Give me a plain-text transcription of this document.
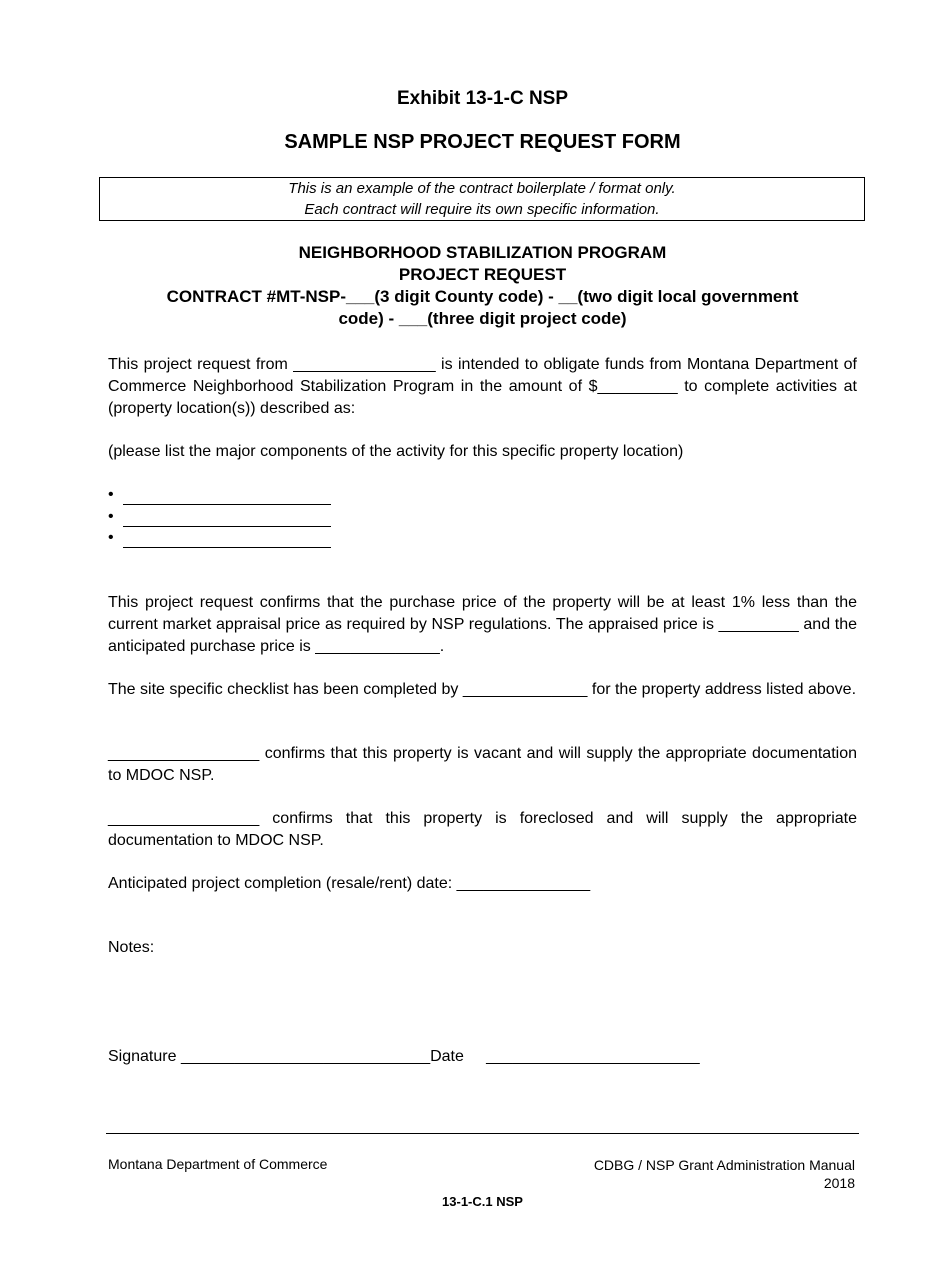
Exhibit 13-1-C NSP
SAMPLE NSP PROJECT REQUEST FORM
This is an example of the contract boilerplate / format only.
Each contract will require its own specific information.
NEIGHBORHOOD STABILIZATION PROGRAM
PROJECT REQUEST
CONTRACT #MT-NSP-___(3 digit County code) - __(two digit local government
code) - ___(three digit project code)
This project request from ________________ is intended to obligate funds from Montana Department of Commerce Neighborhood Stabilization Program in the amount of $_________ to complete activities at (property location(s)) described as:
(please list the major components of the activity for this specific property location)
•
•
•
This project request confirms that the purchase price of the property will be at least 1% less than the current market appraisal price as required by NSP regulations. The appraised price is _________ and the anticipated purchase price is ______________.
The site specific checklist has been completed by ______________ for the property address listed above.
_________________ confirms that this property is vacant and will supply the appropriate documentation to MDOC NSP.
_________________ confirms that this property is foreclosed and will supply the appropriate documentation to MDOC NSP.
Anticipated project completion (resale/rent) date: _______________
Notes:
Signature ____________________________Date     ________________________
Montana Department of Commerce	CDBG / NSP Grant Administration Manual
2018
13-1-C.1 NSP
